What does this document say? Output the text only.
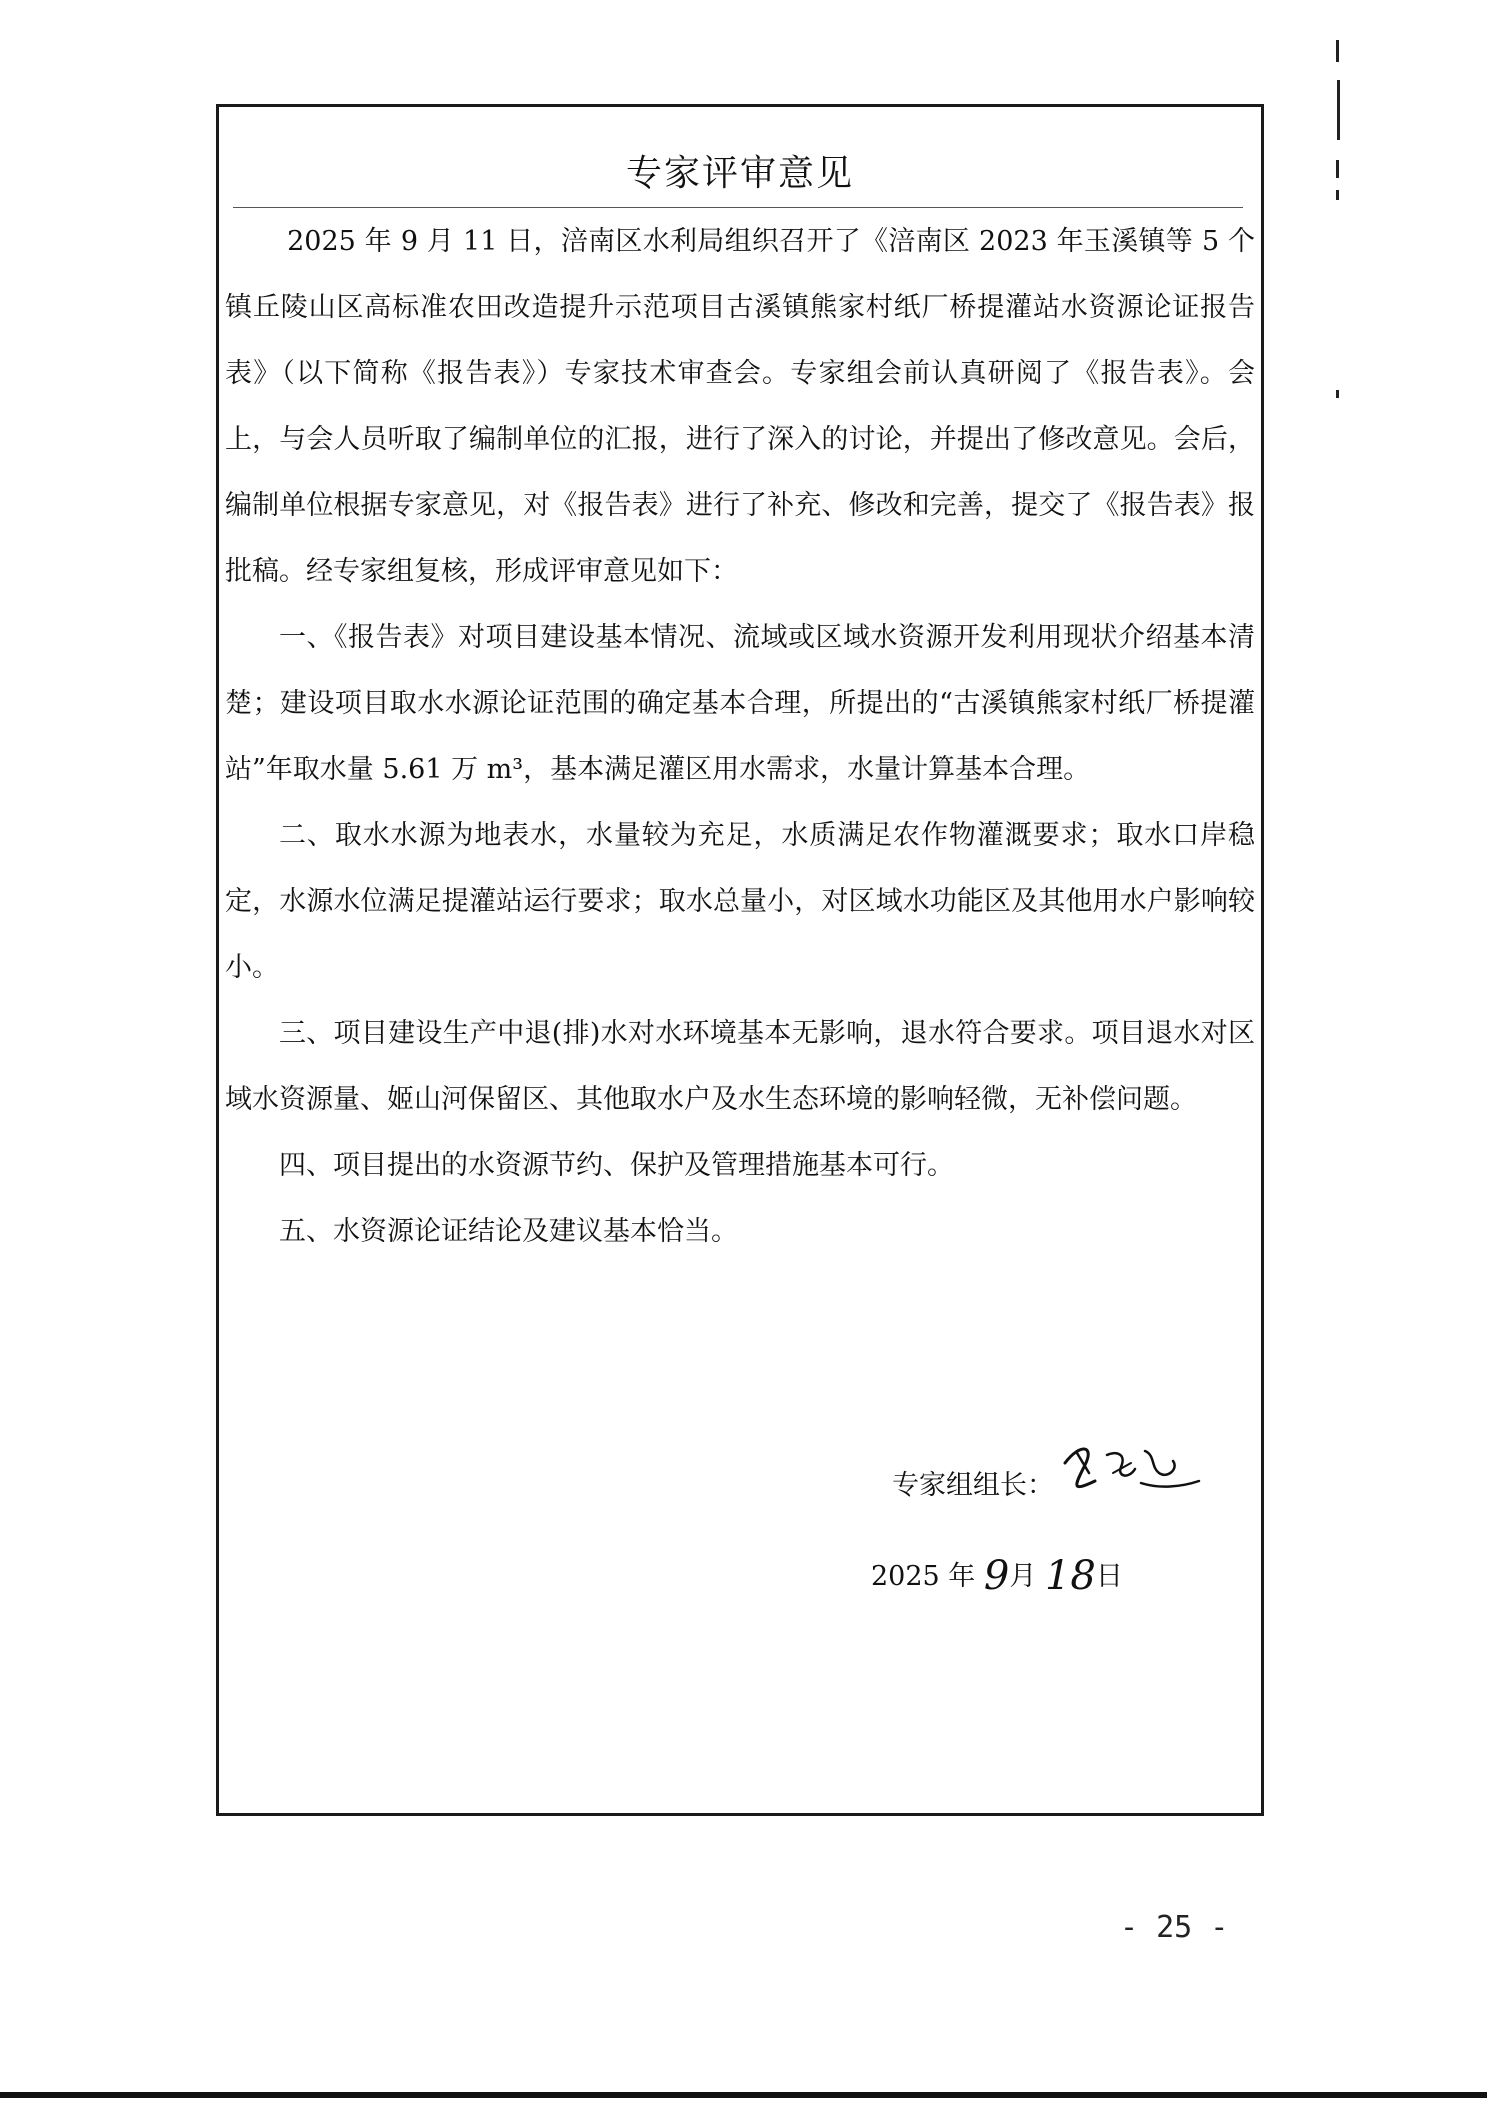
专家评审意见

2025 年 9 月 11 日，涪南区水利局组织召开了《涪南区 2023 年玉溪镇等 5 个镇丘陵山区高标准农田改造提升示范项目古溪镇熊家村纸厂桥提灌站水资源论证报告表》（以下简称《报告表》）专家技术审查会。专家组会前认真研阅了《报告表》。会上，与会人员听取了编制单位的汇报，进行了深入的讨论，并提出了修改意见。会后，编制单位根据专家意见，对《报告表》进行了补充、修改和完善，提交了《报告表》报批稿。经专家组复核，形成评审意见如下：

一、《报告表》对项目建设基本情况、流域或区域水资源开发利用现状介绍基本清楚；建设项目取水水源论证范围的确定基本合理，所提出的“古溪镇熊家村纸厂桥提灌站”年取水量 5.61 万 m³，基本满足灌区用水需求，水量计算基本合理。

二、取水水源为地表水，水量较为充足，水质满足农作物灌溉要求；取水口岸稳定，水源水位满足提灌站运行要求；取水总量小，对区域水功能区及其他用水户影响较小。

三、项目建设生产中退(排)水对水环境基本无影响，退水符合要求。项目退水对区域水资源量、姬山河保留区、其他取水户及水生态环境的影响轻微，无补偿问题。

四、项目提出的水资源节约、保护及管理措施基本可行。

五、水资源论证结论及建议基本恰当。

专家组组长：
2025 年 9月 18日
- 25 -
